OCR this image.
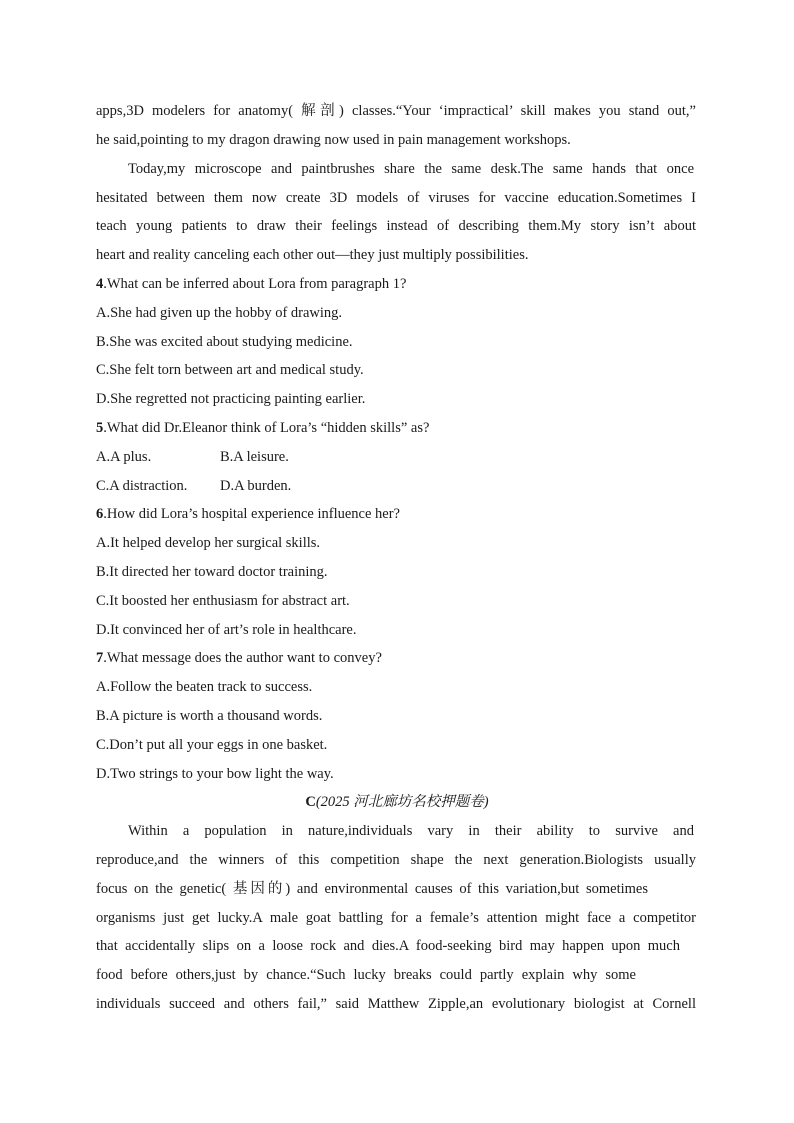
apps,3D modelers for anatomy( 解剖) classes.“Your ‘impractical’ skill makes you stand out,”
he said,pointing to my dragon drawing now used in pain management workshops.
Today,my microscope and paintbrushes share the same desk.The same hands that once
hesitated between them now create 3D models of viruses for vaccine education.Sometimes I
teach young patients to draw their feelings instead of describing them.My story isn’t about
heart and reality canceling each other out—they just multiply possibilities.
4.What can be inferred about Lora from paragraph 1?
A.She had given up the hobby of drawing.
B.She was excited about studying medicine.
C.She felt torn between art and medical study.
D.She regretted not practicing painting earlier.
5.What did Dr.Eleanor think of Lora’s “hidden skills” as?
A.A plus.	B.A leisure.
C.A distraction.	D.A burden.
6.How did Lora’s hospital experience influence her?
A.It helped develop her surgical skills.
B.It directed her toward doctor training.
C.It boosted her enthusiasm for abstract art.
D.It convinced her of art’s role in healthcare.
7.What message does the author want to convey?
A.Follow the beaten track to success.
B.A picture is worth a thousand words.
C.Don’t put all your eggs in one basket.
D.Two strings to your bow light the way.
C(2025 河北廊坊名校押题卷)
Within a population in nature,individuals vary in their ability to survive and
reproduce,and the winners of this competition shape the next generation.Biologists usually
focus on the genetic( 基因的) and environmental causes of this variation,but sometimes
organisms just get lucky.A male goat battling for a female’s attention might face a competitor
that accidentally slips on a loose rock and dies.A food-seeking bird may happen upon much
food before others,just by chance.“Such lucky breaks could partly explain why some
individuals succeed and others fail,” said Matthew Zipple,an evolutionary biologist at Cornell
